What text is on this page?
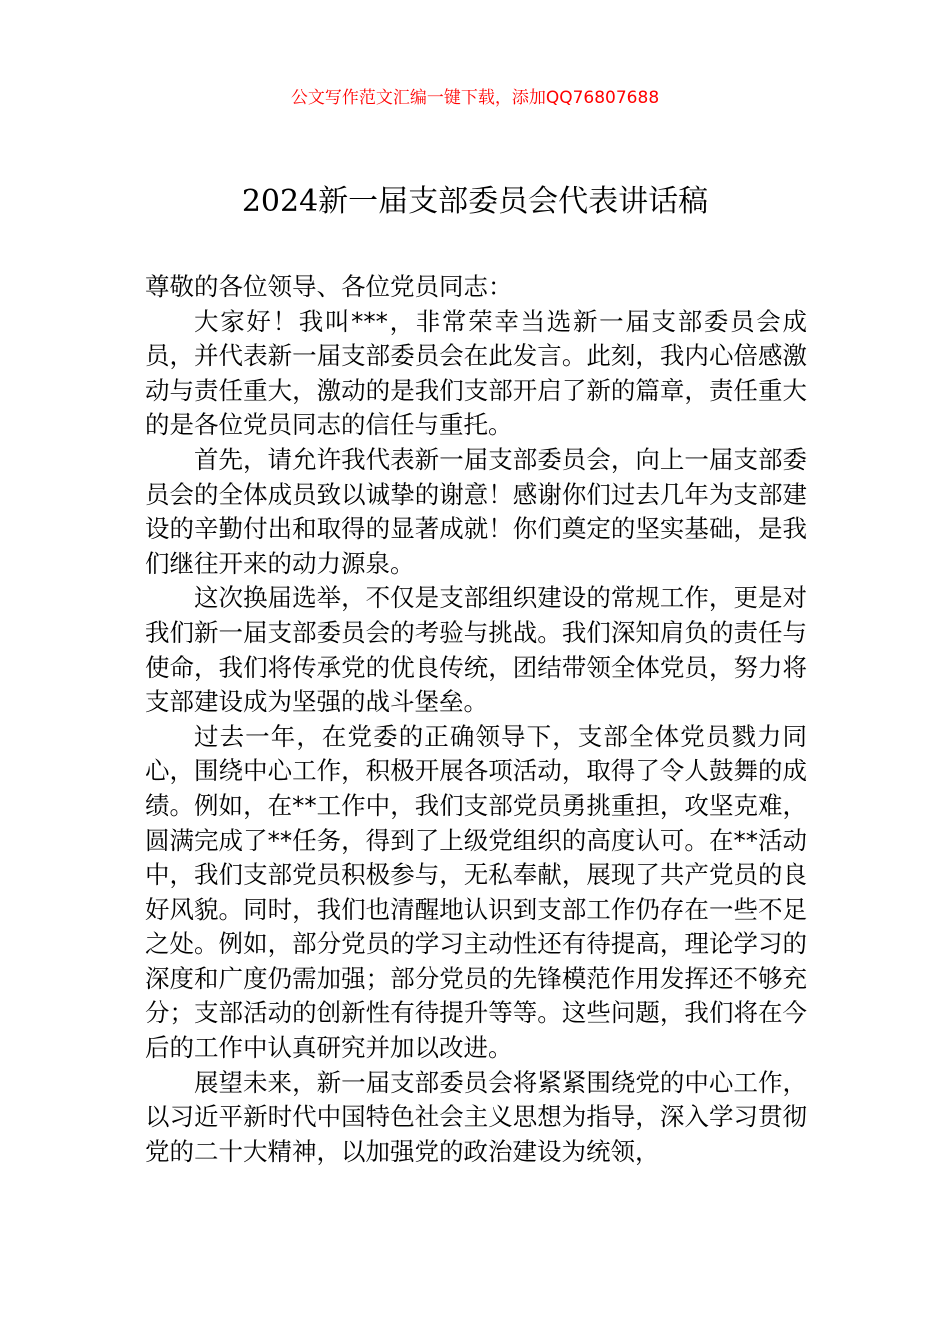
公文写作范文汇编一键下载，添加QQ76807688
2024新一届支部委员会代表讲话稿

尊敬的各位领导、各位党员同志：

大家好！我叫***，非常荣幸当选新一届支部委员会成员，并代表新一届支部委员会在此发言。此刻，我内心倍感激动与责任重大，激动的是我们支部开启了新的篇章，责任重大的是各位党员同志的信任与重托。

首先，请允许我代表新一届支部委员会，向上一届支部委员会的全体成员致以诚挚的谢意！感谢你们过去几年为支部建设的辛勤付出和取得的显著成就！你们奠定的坚实基础，是我们继往开来的动力源泉。

这次换届选举，不仅是支部组织建设的常规工作，更是对我们新一届支部委员会的考验与挑战。我们深知肩负的责任与使命，我们将传承党的优良传统，团结带领全体党员，努力将支部建设成为坚强的战斗堡垒。

过去一年，在党委的正确领导下，支部全体党员戮力同心，围绕中心工作，积极开展各项活动，取得了令人鼓舞的成绩。例如，在**工作中，我们支部党员勇挑重担，攻坚克难，圆满完成了**任务，得到了上级党组织的高度认可。在**活动中，我们支部党员积极参与，无私奉献，展现了共产党员的良好风貌。同时，我们也清醒地认识到支部工作仍存在一些不足之处。例如，部分党员的学习主动性还有待提高，理论学习的深度和广度仍需加强；部分党员的先锋模范作用发挥还不够充分；支部活动的创新性有待提升等等。这些问题，我们将在今后的工作中认真研究并加以改进。

展望未来，新一届支部委员会将紧紧围绕党的中心工作，以习近平新时代中国特色社会主义思想为指导，深入学习贯彻党的二十大精神，以加强党的政治建设为统领，
